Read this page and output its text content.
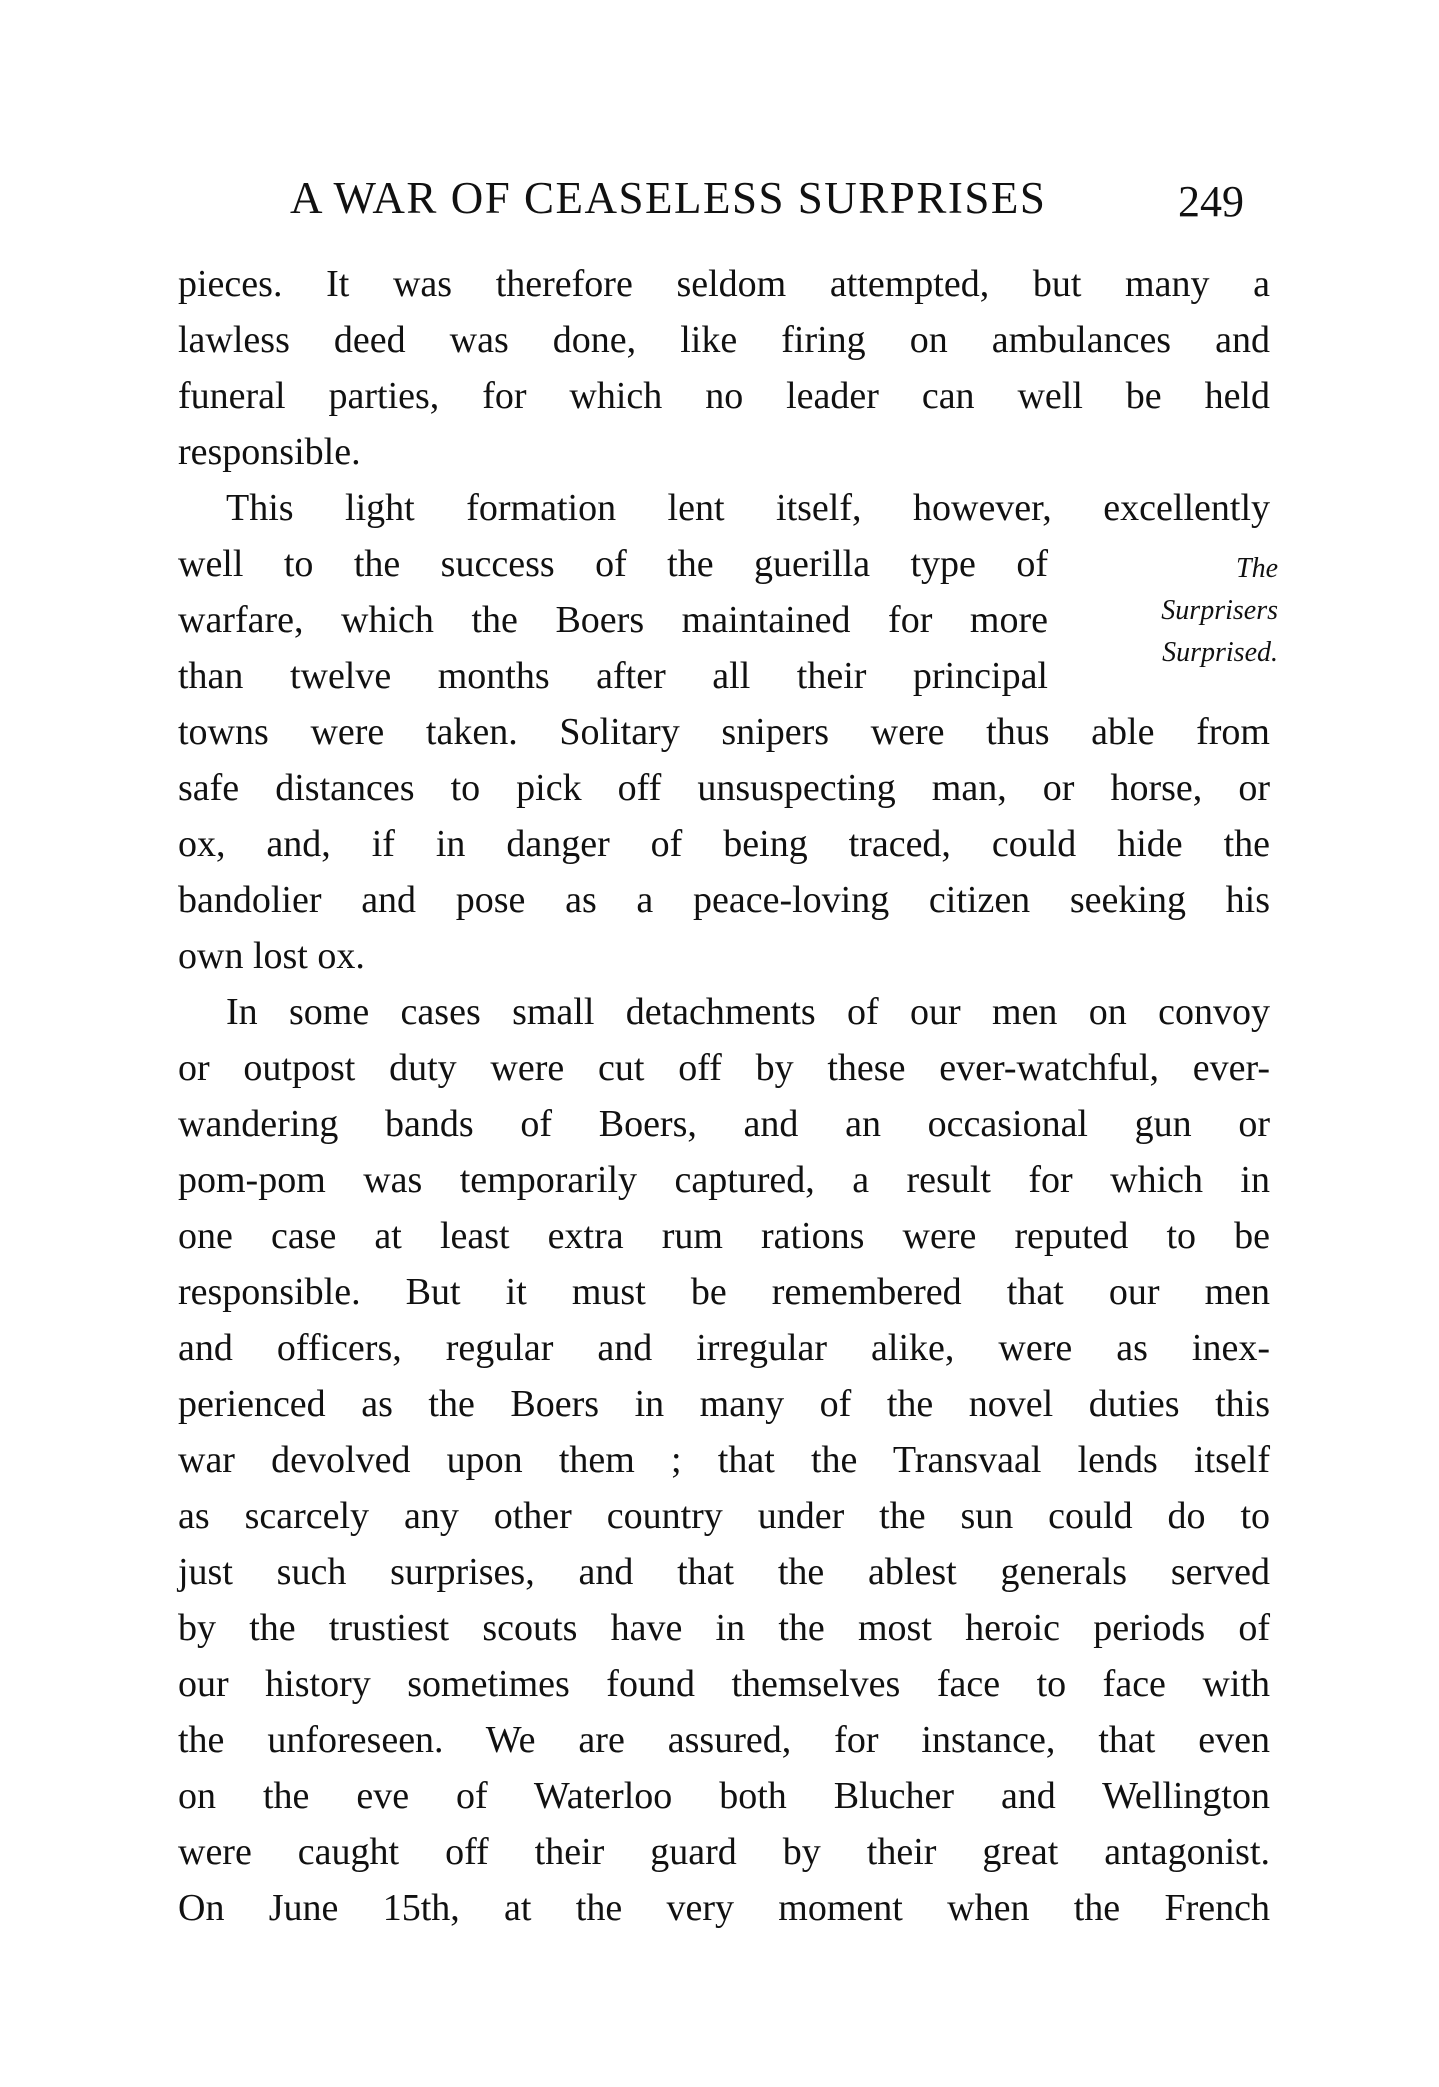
A WAR OF CEASELESS SURPRISES	249
The
Surprisers
Surprised.
pieces. It was therefore seldom attempted, but many a
lawless deed was done, like firing on ambulances and
funeral parties, for which no leader can well be held
responsible.
This light formation lent itself, however, excellently
well to the success of the guerilla type of
warfare, which the Boers maintained for more
than twelve months after all their principal
towns were taken. Solitary snipers were thus able from
safe distances to pick off unsuspecting man, or horse, or
ox, and, if in danger of being traced, could hide the
bandolier and pose as a peace-loving citizen seeking his
own lost ox.
In some cases small detachments of our men on convoy
or outpost duty were cut off by these ever-watchful, ever-
wandering bands of Boers, and an occasional gun or
pom-pom was temporarily captured, a result for which in
one case at least extra rum rations were reputed to be
responsible. But it must be remembered that our men
and officers, regular and irregular alike, were as inex-
perienced as the Boers in many of the novel duties this
war devolved upon them ; that the Transvaal lends itself
as scarcely any other country under the sun could do to
just such surprises, and that the ablest generals served
by the trustiest scouts have in the most heroic periods of
our history sometimes found themselves face to face with
the unforeseen. We are assured, for instance, that even
on the eve of Waterloo both Blucher and Wellington
were caught off their guard by their great antagonist.
On June 15th, at the very moment when the French
